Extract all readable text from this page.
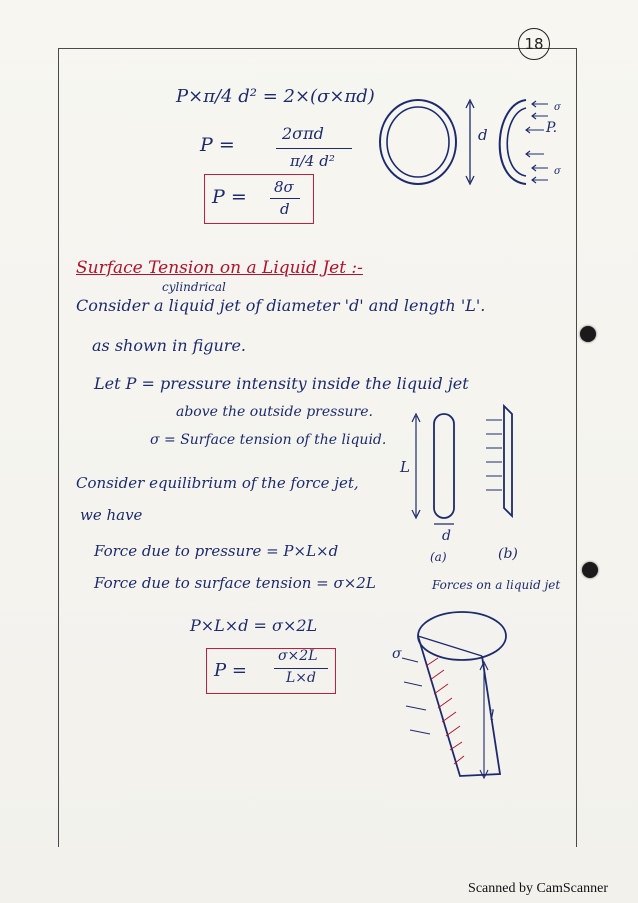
18
P×π/4 d² = 2×(σ×πd)
P =
2σπd
π/4 d²
P = 8σ
d
σ
σ
d	P.
Surface Tension on a Liquid Jet :-
cylindrical
Consider a liquid jet of diameter 'd' and length 'L'.
as shown in figure.
Let P = pressure intensity inside the liquid jet
above the outside pressure.
σ = Surface tension of the liquid.
Consider equilibrium of the force jet,
we have
Force due to pressure = P×L×d
Force due to surface tension = σ×2L
P×L×d = σ×2L
P =
σ×2L
L×d
L
d
(a)	(b)
Forces on a liquid jet
σ
l
Scanned by CamScanner
